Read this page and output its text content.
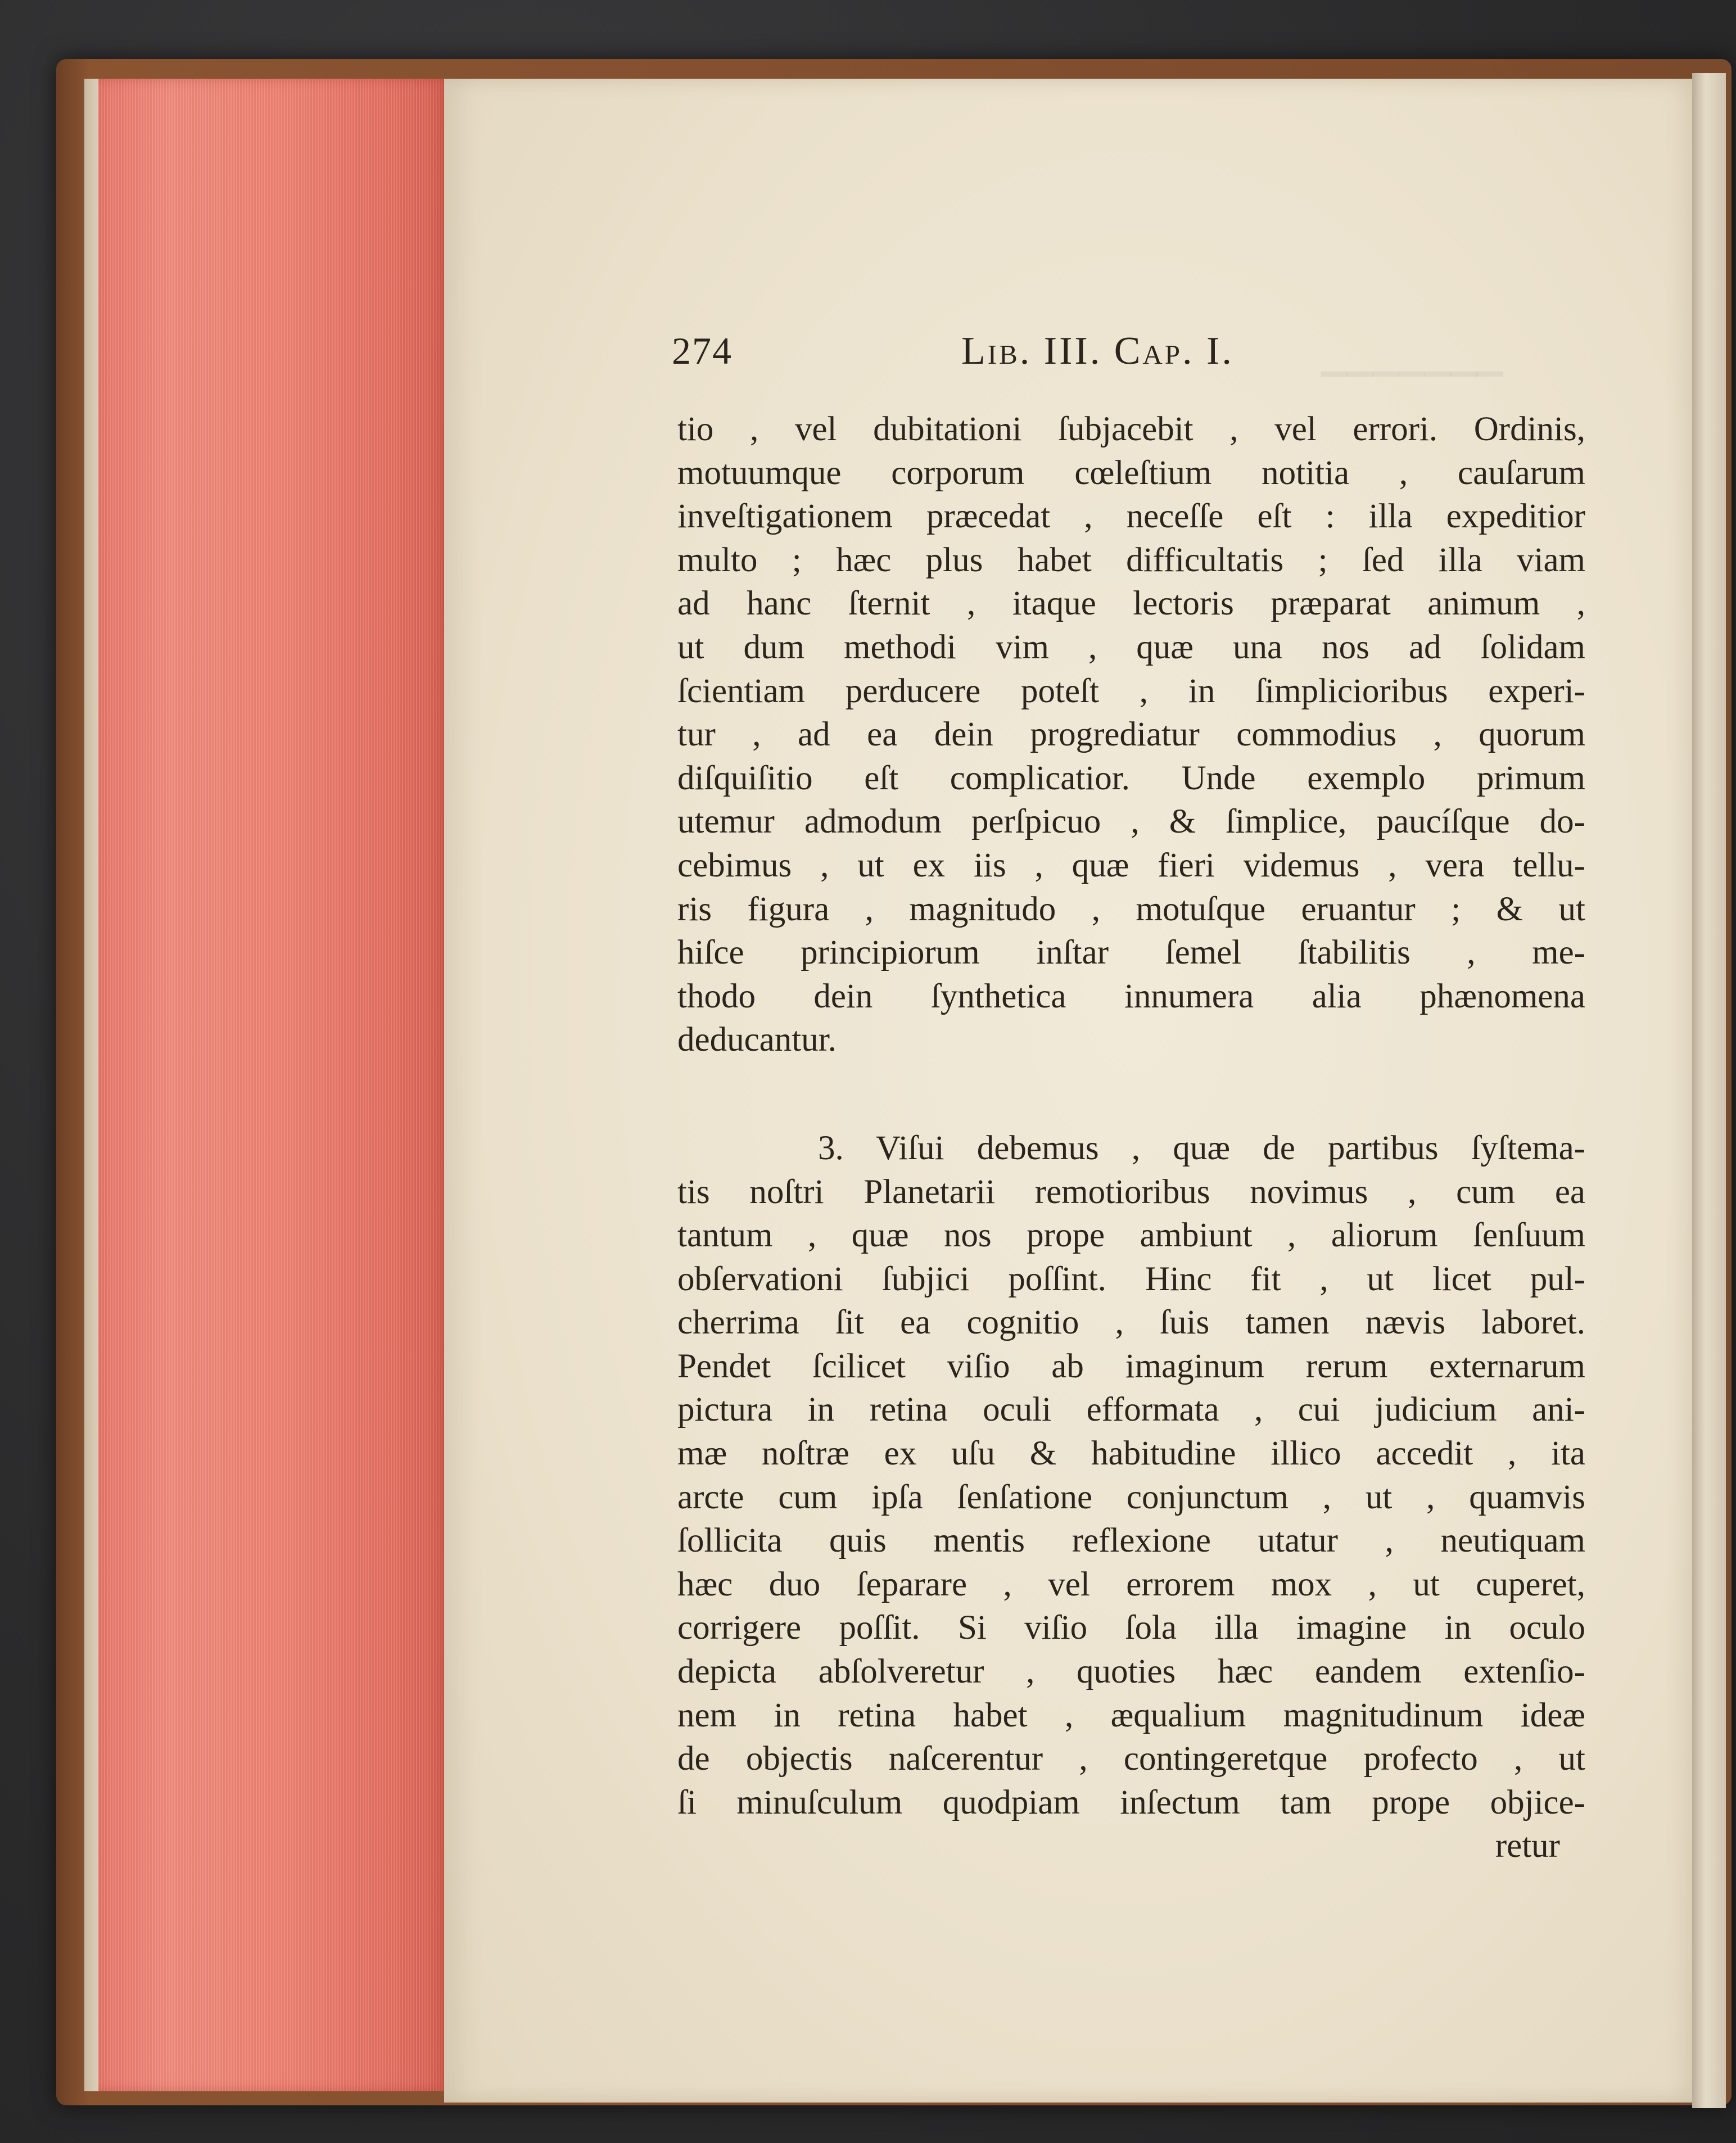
274	Lib. III. Cap. I.
tio , vel dubitationi ſubjacebit , vel errori. Ordinis,
motuumque corporum cœleſtium notitia , cauſarum
inveſtigationem præcedat , neceſſe eſt : illa expeditior
multo ; hæc plus habet difficultatis ; ſed illa viam
ad hanc ſternit , itaque lectoris præparat animum ,
ut dum methodi vim , quæ una nos ad ſolidam
ſcientiam perducere poteſt , in ſimplicioribus experi-
tur , ad ea dein progrediatur commodius , quorum
diſquiſitio eſt complicatior. Unde exemplo primum
utemur admodum perſpicuo , & ſimplice, paucíſque do-
cebimus , ut ex iis , quæ fieri videmus , vera tellu-
ris figura , magnitudo , motuſque eruantur ; & ut
hiſce principiorum inſtar ſemel ſtabilitis , me-
thodo dein ſynthetica innumera alia phænomena
deducantur.
3. Viſui debemus , quæ de partibus ſyſtema-
tis noſtri Planetarii remotioribus novimus , cum ea
tantum , quæ nos prope ambiunt , aliorum ſenſuum
obſervationi ſubjici poſſint. Hinc fit , ut licet pul-
cherrima ſit ea cognitio , ſuis tamen nævis laboret.
Pendet ſcilicet viſio ab imaginum rerum externarum
pictura in retina oculi efformata , cui judicium ani-
mæ noſtræ ex uſu & habitudine illico accedit , ita
arcte cum ipſa ſenſatione conjunctum , ut , quamvis
ſollicita quis mentis reflexione utatur , neutiquam
hæc duo ſeparare , vel errorem mox , ut cuperet,
corrigere poſſit. Si viſio ſola illa imagine in oculo
depicta abſolveretur , quoties hæc eandem extenſio-
nem in retina habet , æqualium magnitudinum ideæ
de objectis naſcerentur , contingeretque profecto , ut
ſi minuſculum quodpiam inſectum tam prope objice-
retur
